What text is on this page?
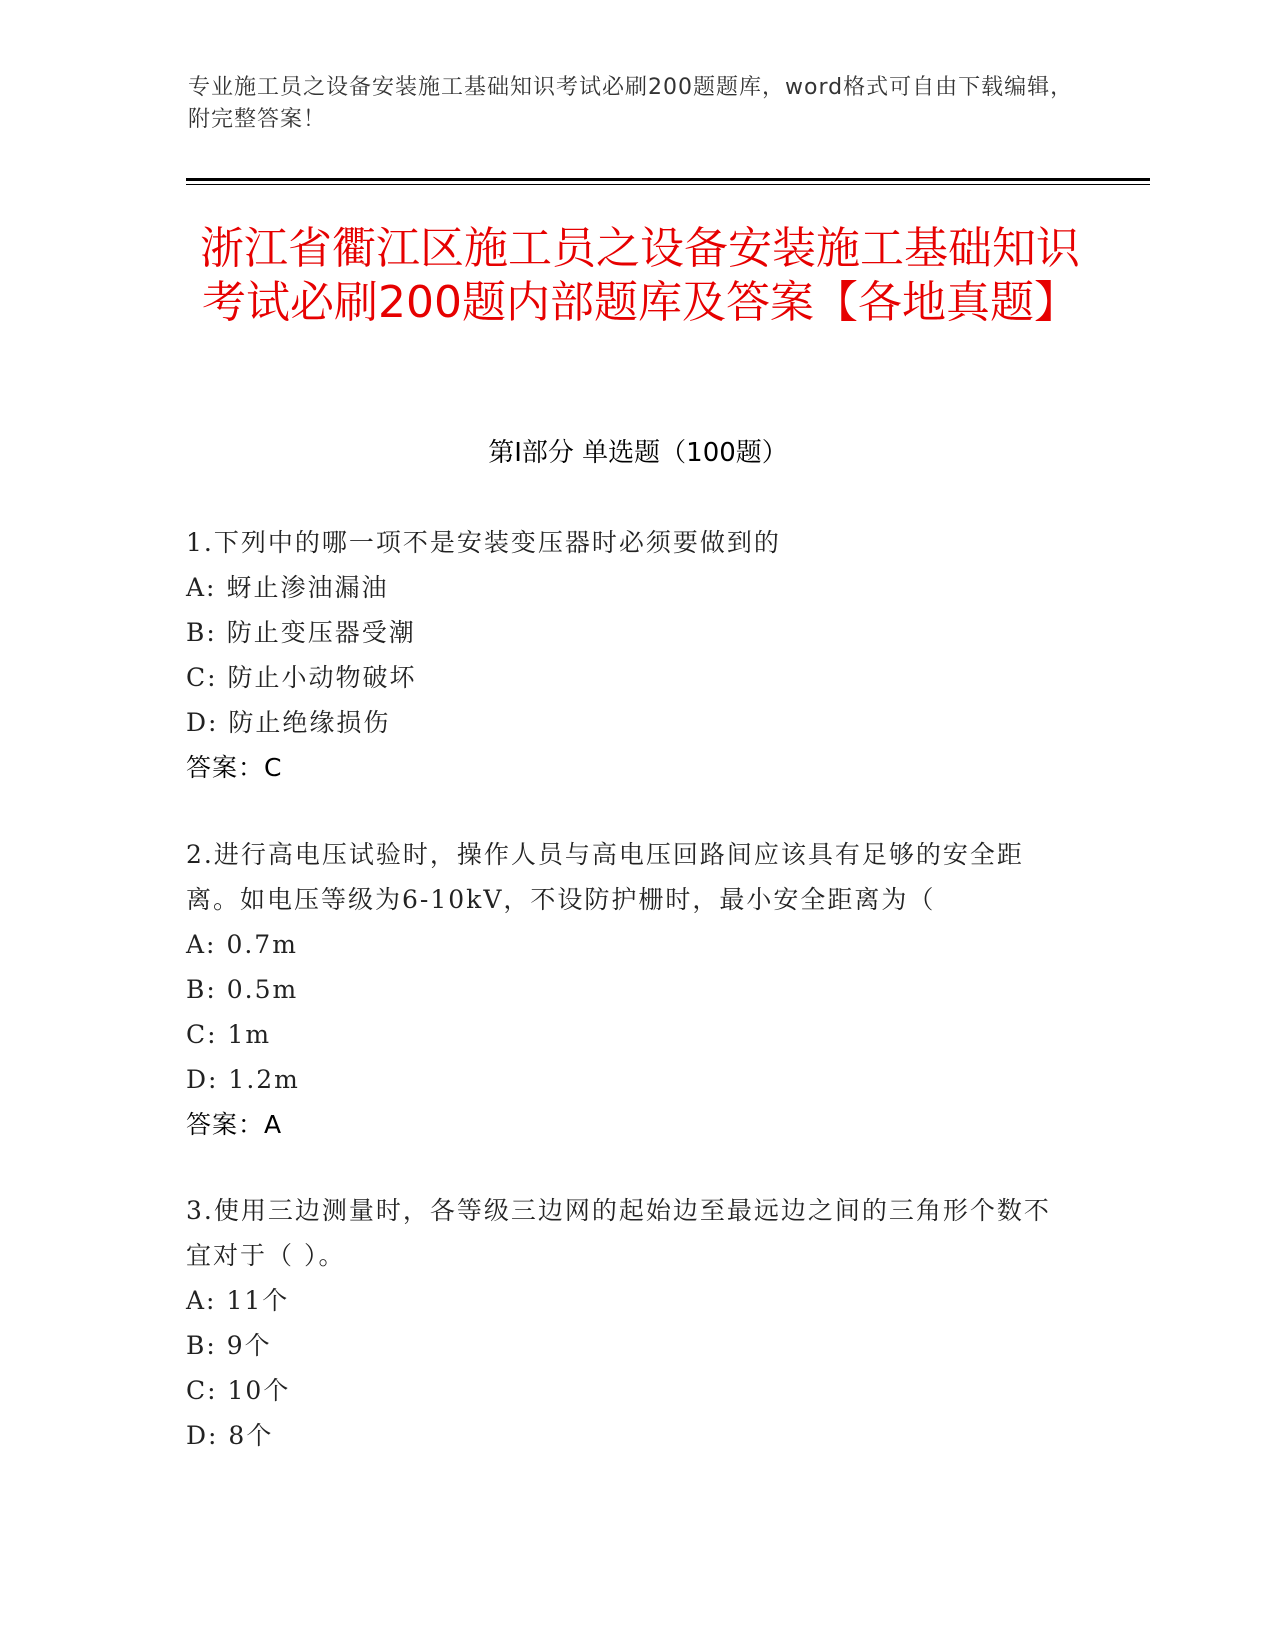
专业施工员之设备安装施工基础知识考试必刷200题题库，word格式可自由下载编辑，附完整答案！
浙江省衢江区施工员之设备安装施工基础知识考试必刷200题内部题库及答案【各地真题】
第I部分 单选题（100题）
1.下列中的哪一项不是安装变压器时必须要做到的
A: 蚜止渗油漏油
B: 防止变压器受潮
C: 防止小动物破坏
D: 防止绝缘损伤
答案：C
2.进行高电压试验时，操作人员与高电压回路间应该具有足够的安全距离。如电压等级为6-10kV，不设防护栅时，最小安全距离为（
A: 0.7m
B: 0.5m
C: 1m
D: 1.2m
答案：A
3.使用三边测量时，各等级三边网的起始边至最远边之间的三角形个数不宜对于（ ）。
A: 11个
B: 9个
C: 10个
D: 8个
